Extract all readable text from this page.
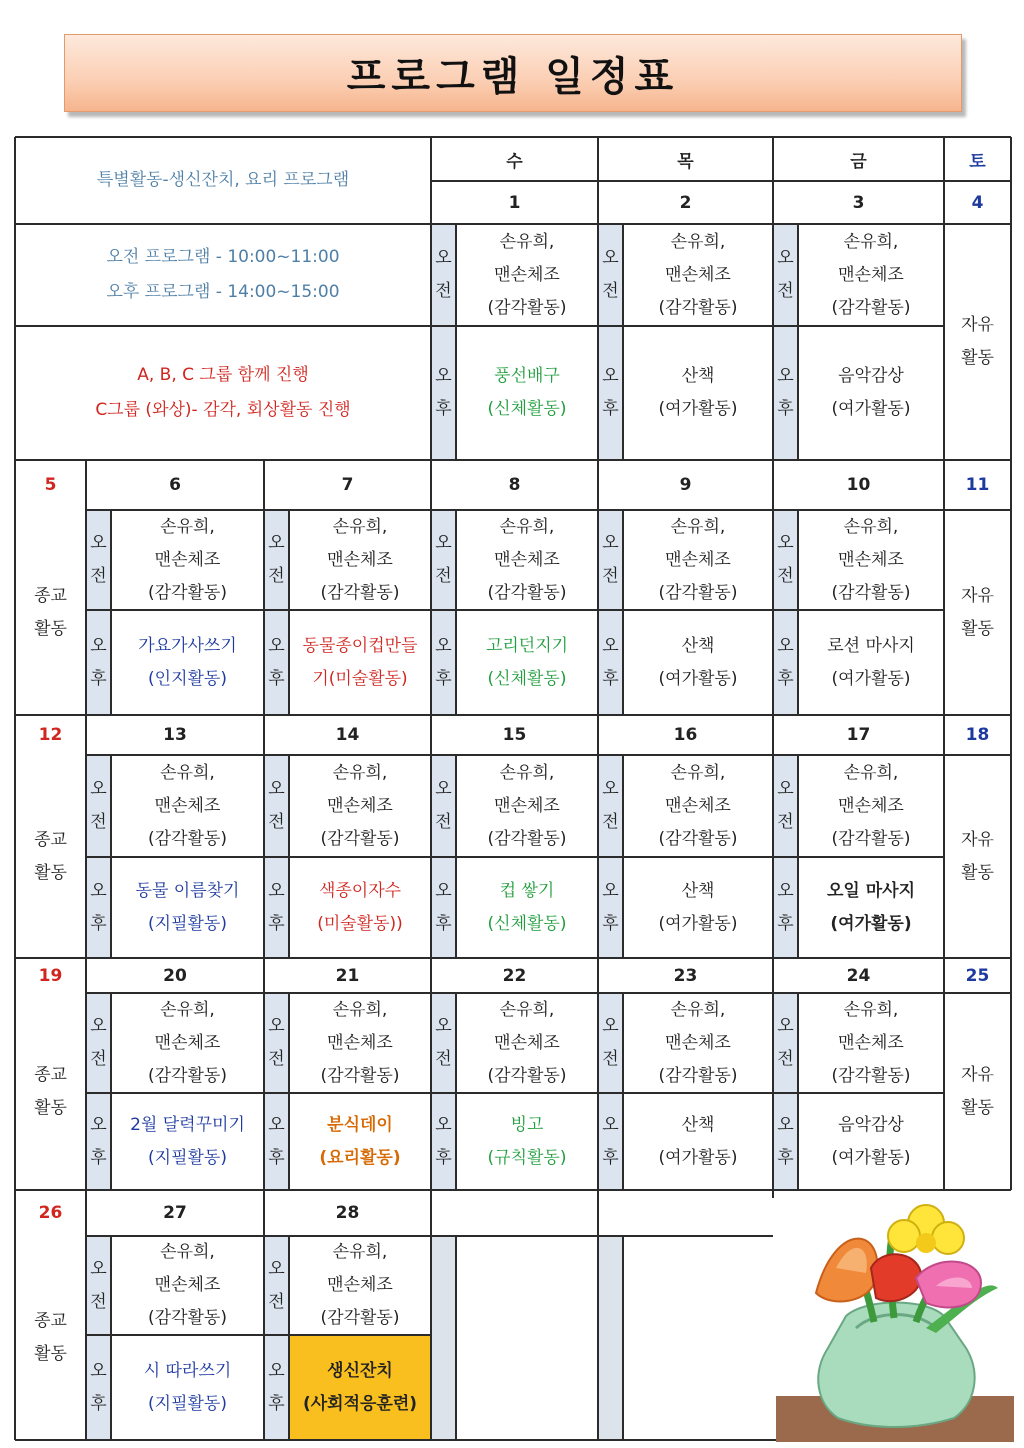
프로그램 일정표
특별활동-생신잔치, 요리 프로그램
수
1
목
2
금
3
토
4
오전 프로그램 - 10:00~11:00
오후 프로그램 - 14:00~15:00
A, B, C 그룹 함께 진행
C그룹 (와상)- 감각, 회상활동 진행
오
전
손유희,
맨손체조
(감각활동)
오
후
풍선배구
(신체활동)
오
전
손유희,
맨손체조
(감각활동)
오
후
산책
(여가활동)
오
전
손유희,
맨손체조
(감각활동)
오
후
음악감상
(여가활동)
자유
활동
5
종교
활동
6
오
전
손유희,
맨손체조
(감각활동)
오
후
가요가사쓰기
(인지활동)
7
오
전
손유희,
맨손체조
(감각활동)
오
후
동물종이컵만들
기(미술활동)
8
오
전
손유희,
맨손체조
(감각활동)
오
후
고리던지기
(신체활동)
9
오
전
손유희,
맨손체조
(감각활동)
오
후
산책
(여가활동)
10
오
전
손유희,
맨손체조
(감각활동)
오
후
로션 마사지
(여가활동)
11
자유
활동
12
종교
활동
13
오
전
손유희,
맨손체조
(감각활동)
오
후
동물 이름찾기
(지필활동)
14
오
전
손유희,
맨손체조
(감각활동)
오
후
색종이자수
(미술활동))
15
오
전
손유희,
맨손체조
(감각활동)
오
후
컵 쌓기
(신체활동)
16
오
전
손유희,
맨손체조
(감각활동)
오
후
산책
(여가활동)
17
오
전
손유희,
맨손체조
(감각활동)
오
후
오일 마사지
(여가활동)
18
자유
활동
19
종교
활동
20
오
전
손유희,
맨손체조
(감각활동)
오
후
2월 달력꾸미기
(지필활동)
21
오
전
손유희,
맨손체조
(감각활동)
오
후
분식데이
(요리활동)
22
오
전
손유희,
맨손체조
(감각활동)
오
후
빙고
(규칙활동)
23
오
전
손유희,
맨손체조
(감각활동)
오
후
산책
(여가활동)
24
오
전
손유희,
맨손체조
(감각활동)
오
후
음악감상
(여가활동)
25
자유
활동
26
종교
활동
27
오
전
손유희,
맨손체조
(감각활동)
오
후
시 따라쓰기
(지필활동)
28
오
전
손유희,
맨손체조
(감각활동)
오
후
생신잔치
(사회적응훈련)
